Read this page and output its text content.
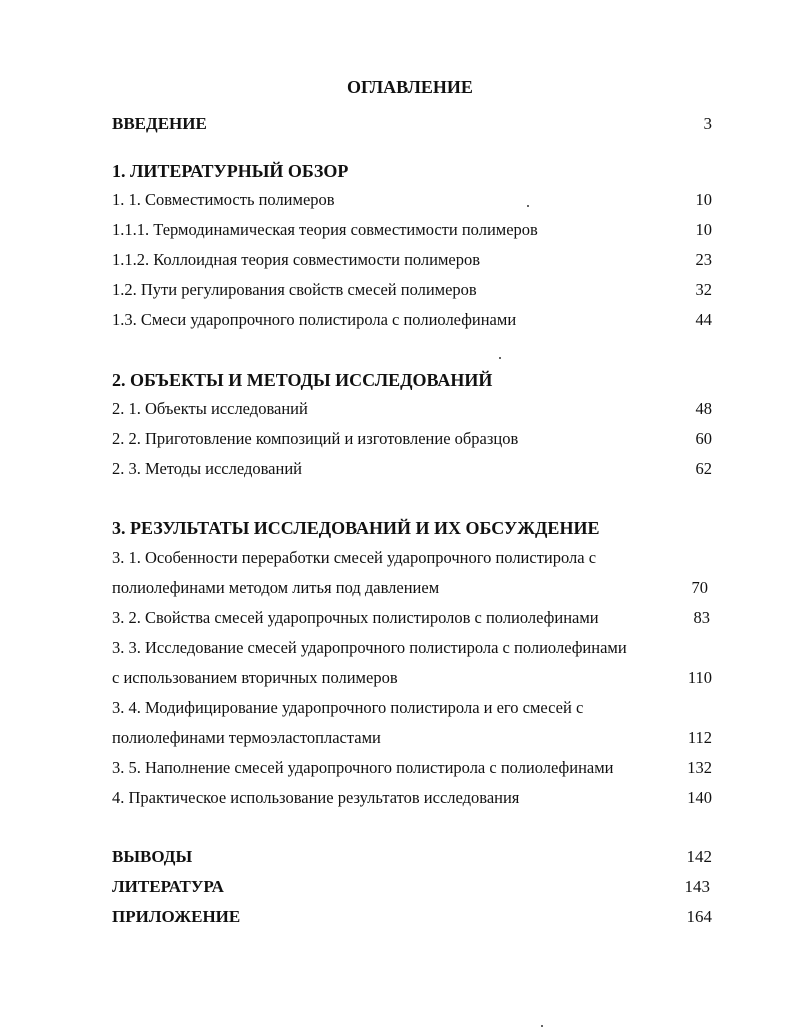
ОГЛАВЛЕНИЕ
ВВЕДЕНИЕ	3
1. ЛИТЕРАТУРНЫЙ ОБЗОР
1. 1. Совместимость полимеров	10
1.1.1. Термодинамическая теория совместимости полимеров	10
1.1.2. Коллоидная теория совместимости полимеров	23
1.2. Пути регулирования свойств смесей полимеров	32
1.3. Смеси ударопрочного полистирола с полиолефинами	44
2. ОБЪЕКТЫ И МЕТОДЫ ИССЛЕДОВАНИЙ
2. 1. Объекты исследований	48
2. 2. Приготовление композиций и изготовление образцов	60
2. 3. Методы исследований	62
3. РЕЗУЛЬТАТЫ ИССЛЕДОВАНИЙ И ИХ ОБСУЖДЕНИЕ
3. 1. Особенности переработки смесей ударопрочного полистирола с
полиолефинами методом литья под давлением	70
3. 2. Свойства смесей ударопрочных полистиролов с полиолефинами	83
3. 3. Исследование смесей ударопрочного полистирола с полиолефинами
с использованием вторичных полимеров	110
3. 4. Модифицирование ударопрочного полистирола и его смесей с
полиолефинами термоэластопластами	112
3. 5. Наполнение смесей ударопрочного полистирола с полиолефинами	132
4. Практическое использование результатов исследования	140
ВЫВОДЫ	142
ЛИТЕРАТУРА	143
ПРИЛОЖЕНИЕ	164
